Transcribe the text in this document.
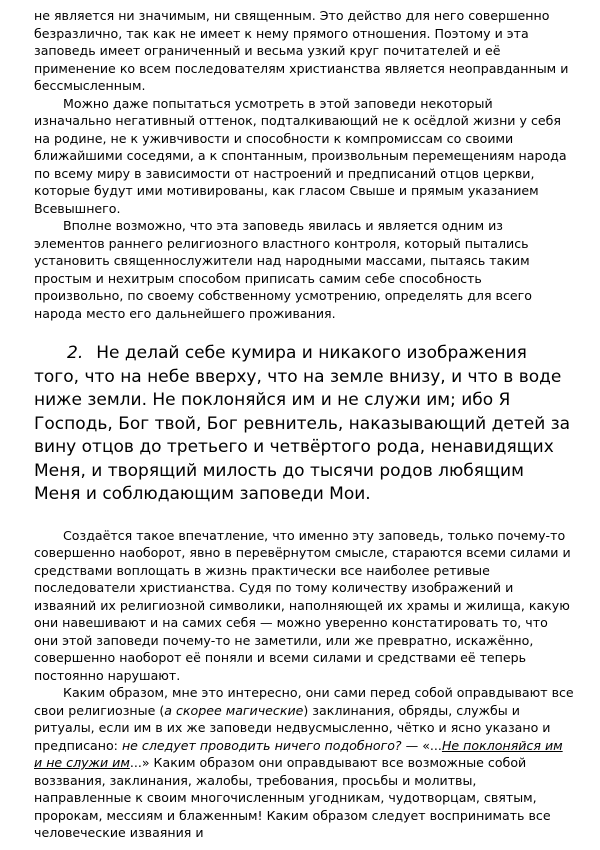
не является ни значимым, ни священным. Это действо для него совершенно безразлично, так как не имеет к нему прямого отношения. Поэтому и эта заповедь имеет ограниченный и весьма узкий круг почитателей и её применение ко всем последователям христианства является неоправданным и бессмысленным.

Можно даже попытаться усмотреть в этой заповеди некоторый изначально негативный оттенок, подталкивающий не к осёдлой жизни у себя на родине, не к уживчивости и способности к компромиссам со своими ближайшими соседями, а к спонтанным, произвольным перемещениям народа по всему миру в зависимости от настроений и предписаний отцов церкви, которые будут ими мотивированы, как гласом Свыше и прямым указанием Всевышнего.

Вполне возможно, что эта заповедь явилась и является одним из элементов раннего религиозного властного контроля, который пытались установить священнослужители над народными массами, пытаясь таким простым и нехитрым способом приписать самим себе способность произвольно, по своему собственному усмотрению, определять для всего народа место его дальнейшего проживания.

2. Не делай себе кумира и никакого изображения того, что на небе вверху, что на земле внизу, и что в воде ниже земли. Не поклоняйся им и не служи им; ибо Я Господь, Бог твой, Бог ревнитель, наказывающий детей за вину отцов до третьего и четвёртого рода, ненавидящих Меня, и творящий милость до тысячи родов любящим Меня и соблюдающим заповеди Мои.

Создаётся такое впечатление, что именно эту заповедь, только почему-то совершенно наоборот, явно в перевёрнутом смысле, стараются всеми силами и средствами воплощать в жизнь практически все наиболее ретивые последователи христианства. Судя по тому количеству изображений и изваяний их религиозной символики, наполняющей их храмы и жилища, какую они навешивают и на самих себя — можно уверенно констатировать то, что они этой заповеди почему-то не заметили, или же превратно, искажённо, совершенно наоборот её поняли и всеми силами и средствами её теперь постоянно нарушают.

Каким образом, мне это интересно, они сами перед собой оправдывают все свои религиозные (а скорее магические) заклинания, обряды, службы и ритуалы, если им в их же заповеди недвусмысленно, чётко и ясно указано и предписано: не следует проводить ничего подобного? — «...Не поклоняйся им и не служи им...» Каким образом они оправдывают все возможные собой воззвания, заклинания, жалобы, требования, просьбы и молитвы, направленные к своим многочисленным угодникам, чудотворцам, святым, пророкам, мессиям и блаженным! Каким образом следует воспринимать все человеческие изваяния и
